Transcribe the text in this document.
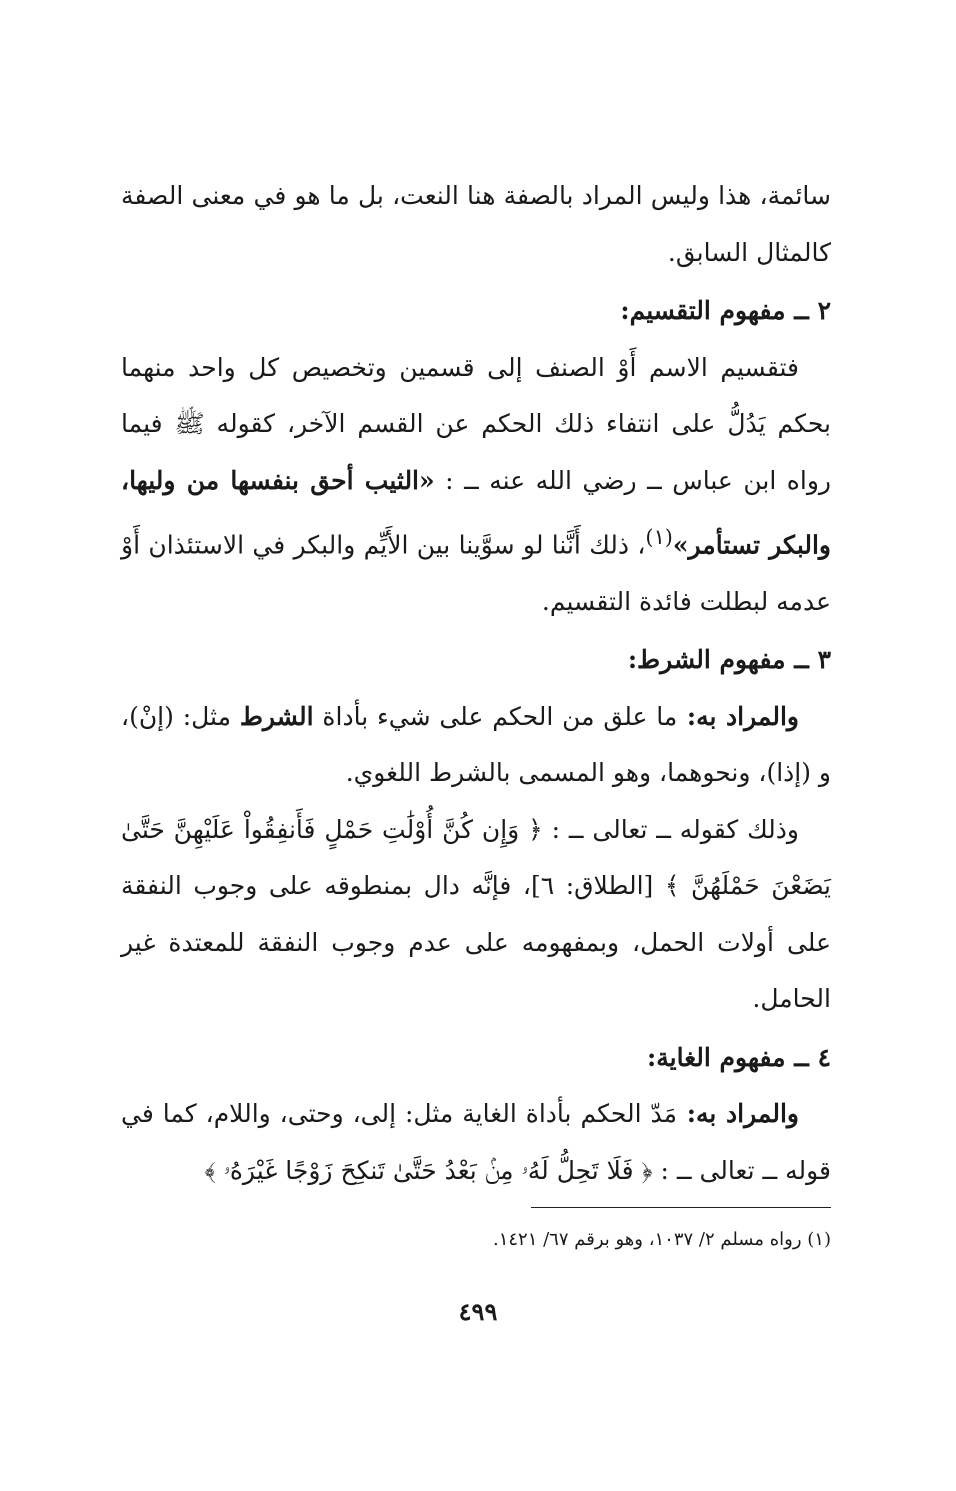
سائمة، هذا وليس المراد بالصفة هنا النعت، بل ما هو في معنى الصفة كالمثال السابق.

٢ ــ مفهوم التقسيم:

فتقسيم الاسم أَوْ الصنف إلى قسمين وتخصيص كل واحد منهما بحكم يَدُلُّ على انتفاء ذلك الحكم عن القسم الآخر، كقوله ﷺ فيما رواه ابن عباس ــ رضي الله عنه ــ : «الثيب أحق بنفسها من وليها، والبكر تستأمر»$^{(١)}$، ذلك أَنَّنا لو سوَّينا بين الأَيِّم والبكر في الاستئذان أَوْ عدمه لبطلت فائدة التقسيم.

٣ ــ مفهوم الشرط:

والمراد به: ما علق من الحكم على شيء بأداة الشرط مثل: (إنْ)، و (إذا)، ونحوهما، وهو المسمى بالشرط اللغوي.

وذلك كقوله ــ تعالى ــ : ﴿ وَإِن كُنَّ أُوْلَٰتِ حَمْلٍ فَأَنفِقُواْ عَلَيْهِنَّ حَتَّىٰ يَضَعْنَ حَمْلَهُنَّ ﴾ [الطلاق: ٦]، فإنَّه دال بمنطوقه على وجوب النفقة على أولات الحمل، وبمفهومه على عدم وجوب النفقة للمعتدة غير الحامل.

٤ ــ مفهوم الغاية:

والمراد به: مَدّ الحكم بأداة الغاية مثل: إلى، وحتى، واللام، كما في قوله ــ تعالى ــ : ﴿ فَلَا تَحِلُّ لَهُۥ مِنۢ بَعْدُ حَتَّىٰ تَنكِحَ زَوْجًا غَيْرَهُۥ ﴾

(١) رواه مسلم ٢/ ١٠٣٧، وهو برقم ٦٧/ ١٤٢١.
٤٩٩
